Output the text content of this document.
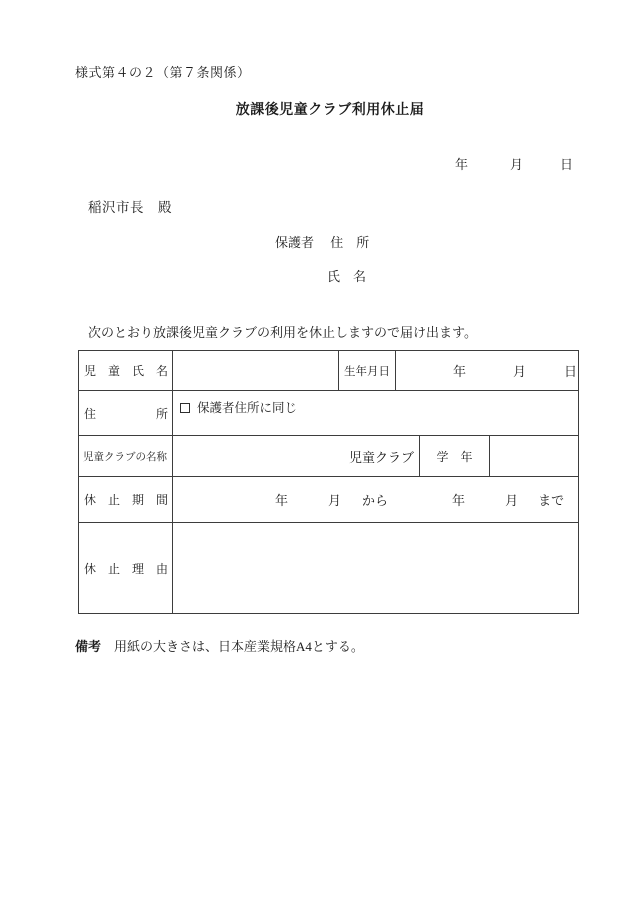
様式第４の２（第７条関係）
放課後児童クラブ利用休止届
年	月	日
稲沢市長　殿
保護者 住　所
氏　名
次のとおり放課後児童クラブの利用を休止しますので届け出ます。
児　童　氏　名		生年月日	年 月 日		

住　　　　　所	保護者住所に同じ				
児童クラブの名称	児童クラブ			学　年	
休　止　期　間	年	月 から	年	月 まで

休　止　理　由					
備考 用紙の大きさは、日本産業規格A4とする。
